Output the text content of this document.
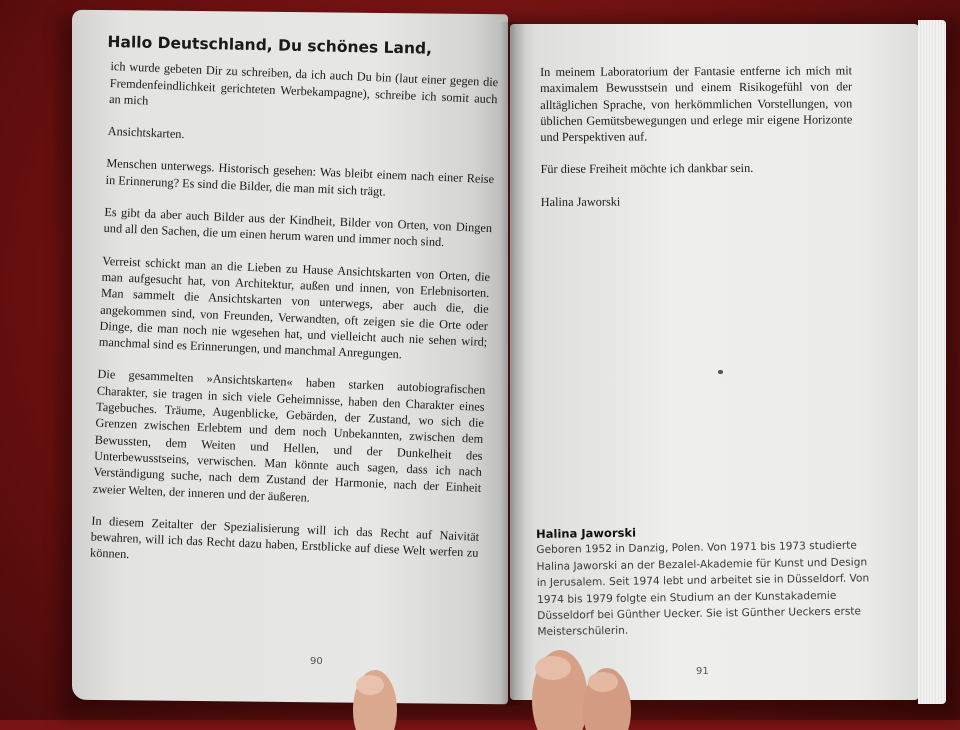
Hallo Deutschland, Du schönes Land,

ich wurde gebeten Dir zu schreiben, da ich auch Du bin (laut einer gegen die Fremdenfeindlichkeit gerichteten Werbekampagne), schreibe ich somit auch an mich

Ansichtskarten.

Menschen unterwegs. Historisch gesehen: Was bleibt einem nach einer Reise in Erinnerung? Es sind die Bilder, die man mit sich trägt.

Es gibt da aber auch Bilder aus der Kindheit, Bilder von Orten, von Dingen und all den Sachen, die um einen herum waren und immer noch sind.

Verreist schickt man an die Lieben zu Hause Ansichtskarten von Orten, die man aufgesucht hat, von Architektur, außen und innen, von Erlebnisorten. Man sammelt die Ansichtskarten von unterwegs, aber auch die, die angekommen sind, von Freunden, Verwandten, oft zeigen sie die Orte oder Dinge, die man noch nie wgesehen hat, und vielleicht auch nie sehen wird; manchmal sind es Erinnerungen, und manchmal Anregungen.

Die gesammelten »Ansichtskarten« haben starken autobiografischen Charakter, sie tragen in sich viele Geheimnisse, haben den Charakter eines Tagebuches. Träume, Augenblicke, Gebärden, der Zustand, wo sich die Grenzen zwischen Erlebtem und dem noch Unbekannten, zwischen dem Bewussten, dem Weiten und Hellen, und der Dunkelheit des Unterbewusstseins, verwischen. Man könnte auch sagen, dass ich nach Verständigung suche, nach dem Zustand der Harmonie, nach der Einheit zweier Welten, der inneren und der äußeren.

In diesem Zeitalter der Spezialisierung will ich das Recht auf Naivität bewahren, will ich das Recht dazu haben, Erstblicke auf diese Welt werfen zu können.

90

In meinem Laboratorium der Fantasie entferne ich mich mit maximalem Bewusstsein und einem Risikogefühl von der alltäglichen Sprache, von herkömmlichen Vorstellungen, von üblichen Gemütsbewegungen und erlege mir eigene Horizonte und Perspektiven auf.

Für diese Freiheit möchte ich dankbar sein.

Halina Jaworski

Halina Jaworski
Geboren 1952 in Danzig, Polen. Von 1971 bis 1973 studierte Halina Jaworski an der Bezalel-Akademie für Kunst und Design in Jerusalem. Seit 1974 lebt und arbeitet sie in Düsseldorf. Von 1974 bis 1979 folgte ein Studium an der Kunstakademie Düsseldorf bei Günther Uecker. Sie ist Günther Ueckers erste Meisterschülerin.
91
